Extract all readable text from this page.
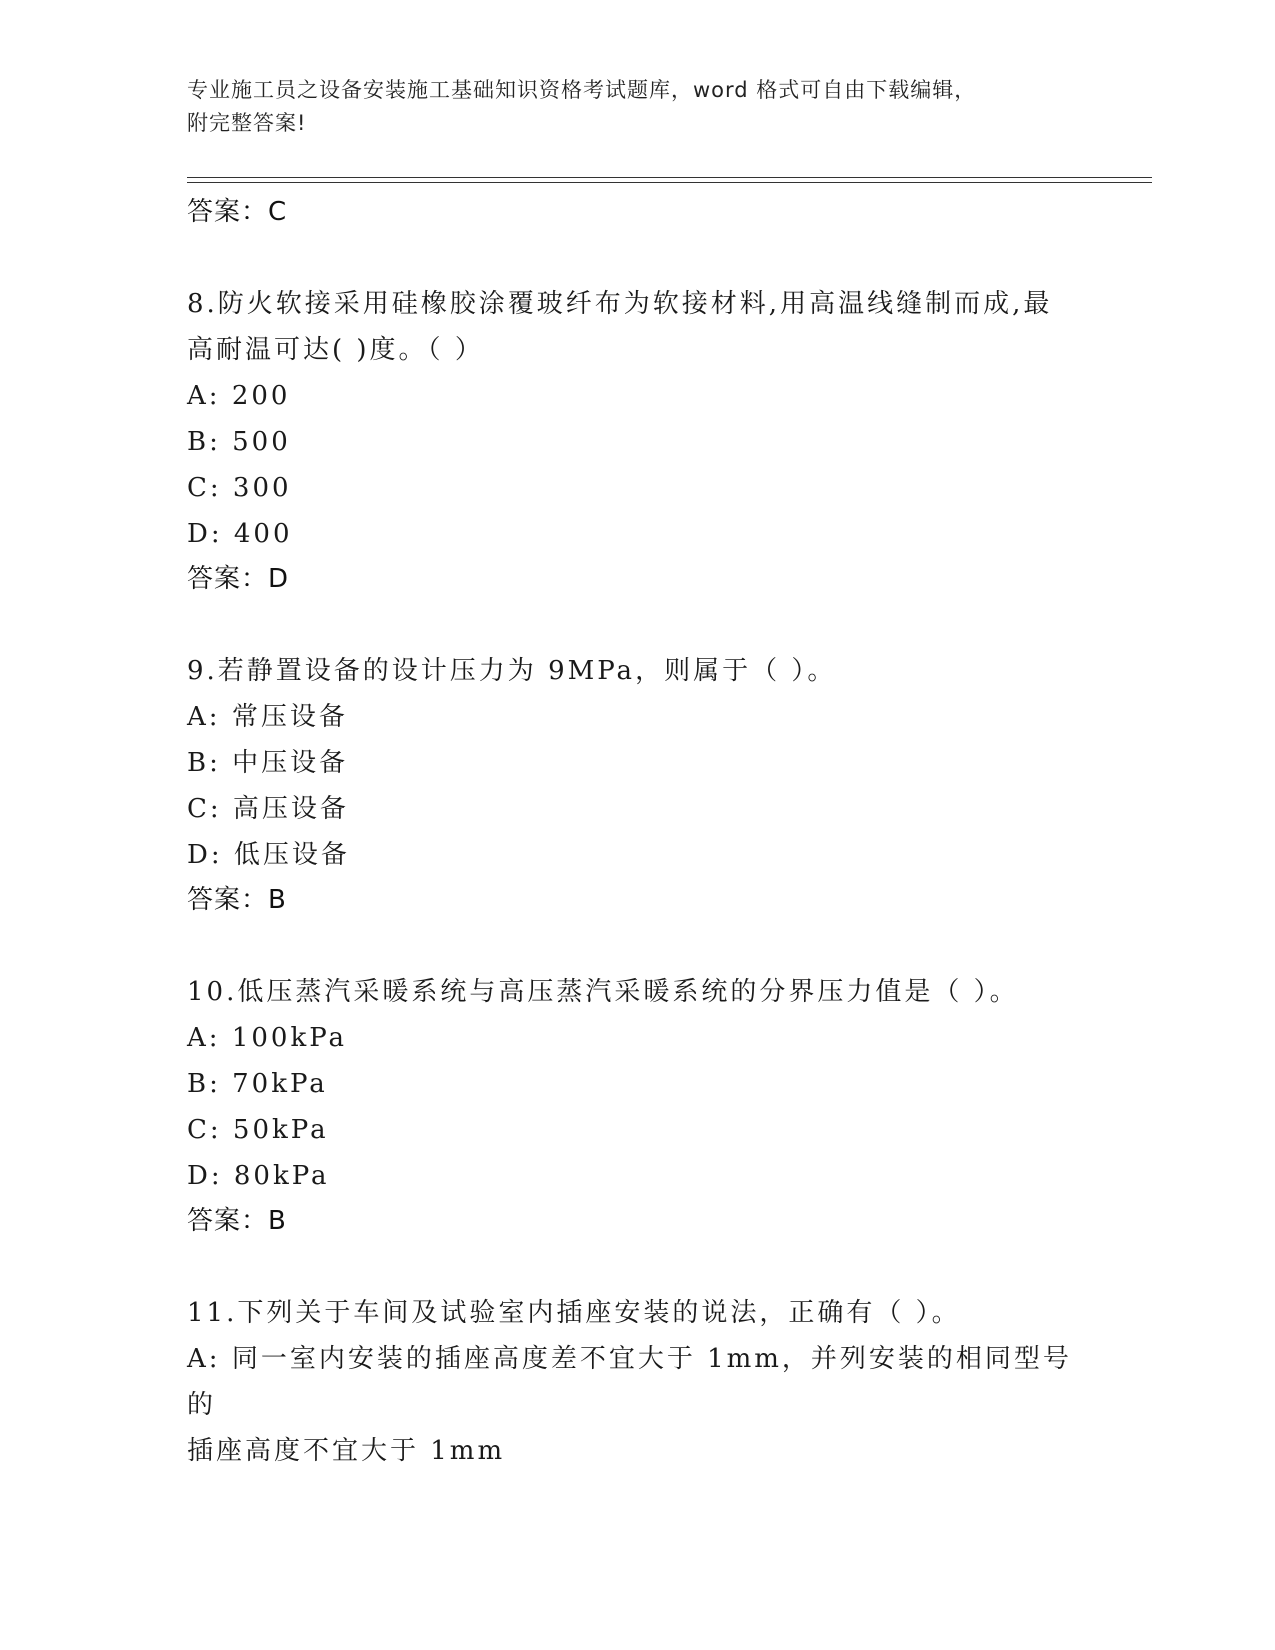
专业施工员之设备安装施工基础知识资格考试题库，word 格式可自由下载编辑，
附完整答案!
答案：C
8.防火软接采用硅橡胶涂覆玻纤布为软接材料,用高温线缝制而成,最
高耐温可达( )度。（ ）
A: 200
B: 500
C: 300
D: 400
答案：D
9.若静置设备的设计压力为 9MPa，则属于（ ）。
A: 常压设备
B: 中压设备
C: 高压设备
D: 低压设备
答案：B
10.低压蒸汽采暖系统与高压蒸汽采暖系统的分界压力值是（ ）。
A: 100kPa
B: 70kPa
C: 50kPa
D: 80kPa
答案：B
11.下列关于车间及试验室内插座安装的说法，正确有（ ）。
A: 同一室内安装的插座高度差不宜大于 1mm，并列安装的相同型号的
插座高度不宜大于 1mm
